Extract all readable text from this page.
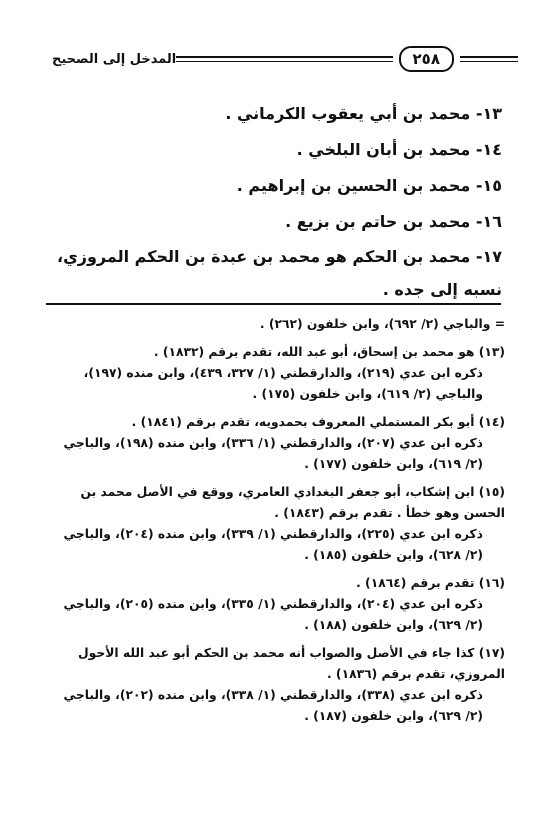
٢٥٨
المدخل إلى الصحيح
١٣- محمد بن أبي يعقوب الكرماني .
١٤- محمد بن أبان البلخي .
١٥- محمد بن الحسين بن إبراهيم .
١٦- محمد بن حاتم بن بزيع .
١٧- محمد بن الحكم هو محمد بن عبدة بن الحكم المروزي، نسبه إلى جده .
= والباجي (٢/ ٦٩٢)، وابن خلفون (٢٦٢) .
(١٣) هو محمد بن إسحاق، أبو عبد الله، تقدم برقم (١٨٣٢) .
ذكره ابن عدي (٢١٩)، والدارقطني (١/ ٣٢٧، ٤٣٩)، وابن منده (١٩٧)، والباجي (٢/ ٦١٩)، وابن خلفون (١٧٥) .
(١٤) أبو بكر المستملي المعروف بحمدويه، تقدم برقم (١٨٤١) .
ذكره ابن عدي (٢٠٧)، والدارقطني (١/ ٣٣٦)، وابن منده (١٩٨)، والباجي (٢/ ٦١٩)، وابن خلفون (١٧٧) .
(١٥) ابن إشكاب، أبو جعفر البغدادي العامري، ووقع في الأصل محمد بن الحسن وهو خطأ . تقدم برقم (١٨٤٣) .
ذكره ابن عدي (٢٢٥)، والدارقطني (١/ ٣٣٩)، وابن منده (٢٠٤)، والباجي (٢/ ٦٢٨)، وابن خلفون (١٨٥) .
(١٦) تقدم برقم (١٨٦٤) .
ذكره ابن عدي (٢٠٤)، والدارقطني (١/ ٣٣٥)، وابن منده (٢٠٥)، والباجي (٢/ ٦٢٩)، وابن خلفون (١٨٨) .
(١٧) كذا جاء في الأصل والصواب أنه محمد بن الحكم أبو عبد الله الأحول المروزي، تقدم برقم (١٨٣٦) .
ذكره ابن عدي (٣٣٨)، والدارقطني (١/ ٣٣٨)، وابن منده (٢٠٢)، والباجي (٢/ ٦٢٩)، وابن خلفون (١٨٧) .
